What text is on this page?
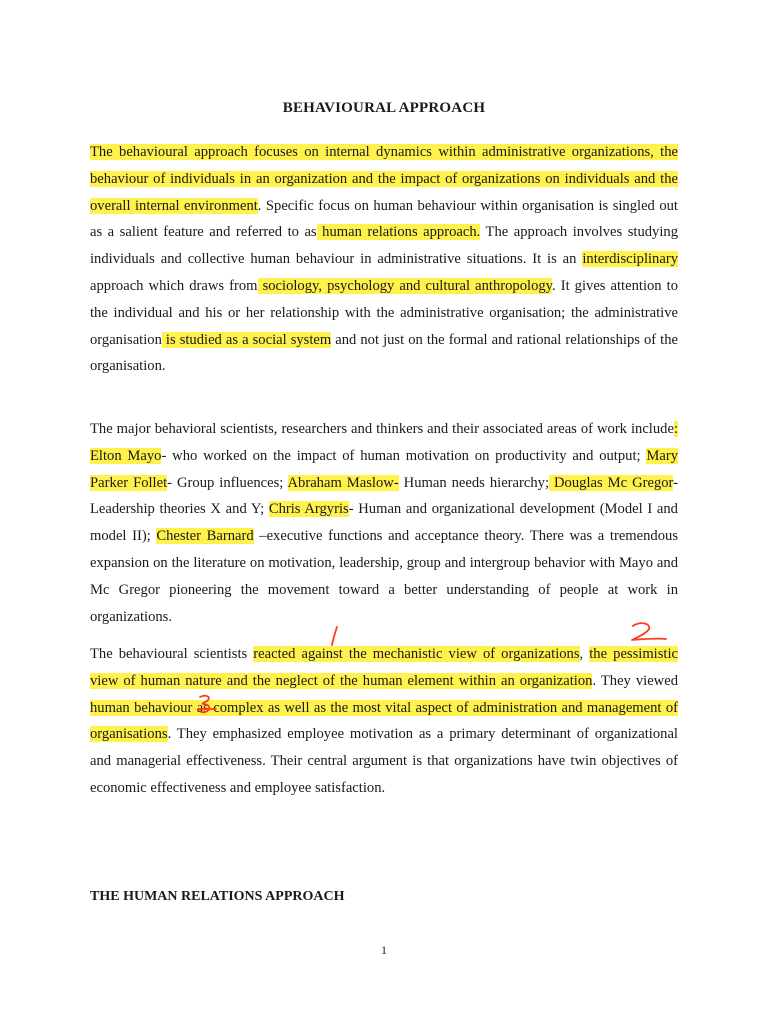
BEHAVIOURAL APPROACH

The behavioural approach focuses on internal dynamics within administrative organizations, the behaviour of individuals in an organization and the impact of organizations on individuals and the overall internal environment. Specific focus on human behaviour within organisation is singled out as a salient feature and referred to as human relations approach. The approach involves studying individuals and collective human behaviour in administrative situations. It is an interdisciplinary approach which draws from sociology, psychology and cultural anthropology. It gives attention to the individual and his or her relationship with the administrative organisation; the administrative organisation is studied as a social system and not just on the formal and rational relationships of the organisation.

The major behavioral scientists, researchers and thinkers and their associated areas of work include: Elton Mayo- who worked on the impact of human motivation on productivity and output; Mary Parker Follet- Group influences; Abraham Maslow- Human needs hierarchy; Douglas Mc Gregor- Leadership theories X and Y; Chris Argyris- Human and organizational development (Model I and model II); Chester Barnard –executive functions and acceptance theory. There was a tremendous expansion on the literature on motivation, leadership, group and intergroup behavior with Mayo and Mc Gregor pioneering the movement toward a better understanding of people at work in organizations.

The behavioural scientists reacted against the mechanistic view of organizations, the pessimistic view of human nature and the neglect of the human element within an organization. They viewed human behaviour as complex as well as the most vital aspect of administration and management of organisations. They emphasized employee motivation as a primary determinant of organizational and managerial effectiveness. Their central argument is that organizations have twin objectives of economic effectiveness and employee satisfaction.

THE HUMAN RELATIONS APPROACH
1
